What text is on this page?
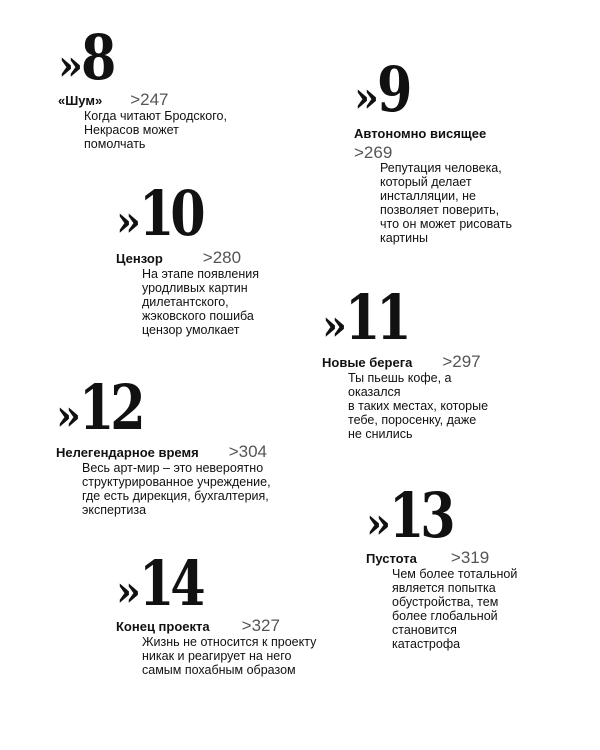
» 8
«Шум» >247
Когда читают Бродского,
Некрасов может
помолчать
» 9
Автономно висящее
>269
Репутация человека,
который делает
инсталляции, не
позволяет поверить,
что он может рисовать
картины
» 10
Цензор >280
На этапе появления
уродливых картин
дилетантского,
жэковского пошиба
цензор умолкает	» 11
Новые берега >297
Ты пьешь кофе, а
оказался
в таких местах, которые
тебе, поросенку, даже
не снились
» 12
Нелегендарное время >304
Весь арт-мир – это невероятно
структурированное учреждение,
где есть дирекция, бухгалтерия,
экспертиза	» 13
Пустота >319
Чем более тотальной
является попытка
обустройства, тем
более глобальной
становится
катастрофа
» 14
Конец проекта >327
Жизнь не относится к проекту
никак и реагирует на него
самым похабным образом
